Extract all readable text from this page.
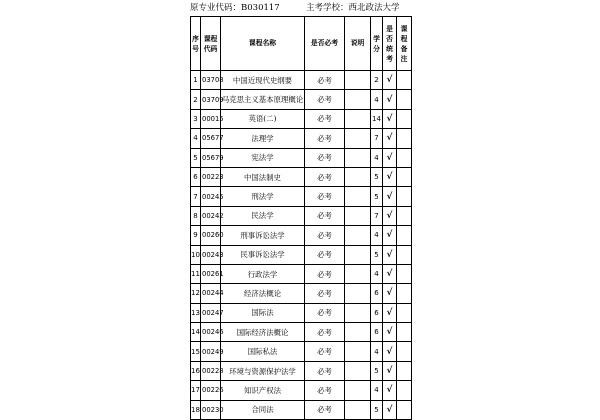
原专业代码：B030117	主考学校：西北政法大学
序号	课程代码	课程名称	是否必考	说明	学分	是否统考	课程备注
1	03708	中国近现代史纲要	必考		2	√	
2	03709	马克思主义基本原理概论	必考		4	√	
3	00015	英语(二)	必考		14	√	
4	05677	法理学	必考		7	√	
5	05679	宪法学	必考		4	√	
6	00223	中国法制史	必考		5	√	
7	00245	刑法学	必考		5	√	
8	00242	民法学	必考		7	√	
9	00260	刑事诉讼法学	必考		4	√	
10	00243	民事诉讼法学	必考		5	√	
11	00261	行政法学	必考		4	√	
12	00244	经济法概论	必考		6	√	
13	00247	国际法	必考		6	√	
14	00246	国际经济法概论	必考		6	√	
15	00249	国际私法	必考		4	√	
16	00228	环境与资源保护法学	必考		5	√	
17	00226	知识产权法	必考		4	√	
18	00230	合同法	必考		5	√	
